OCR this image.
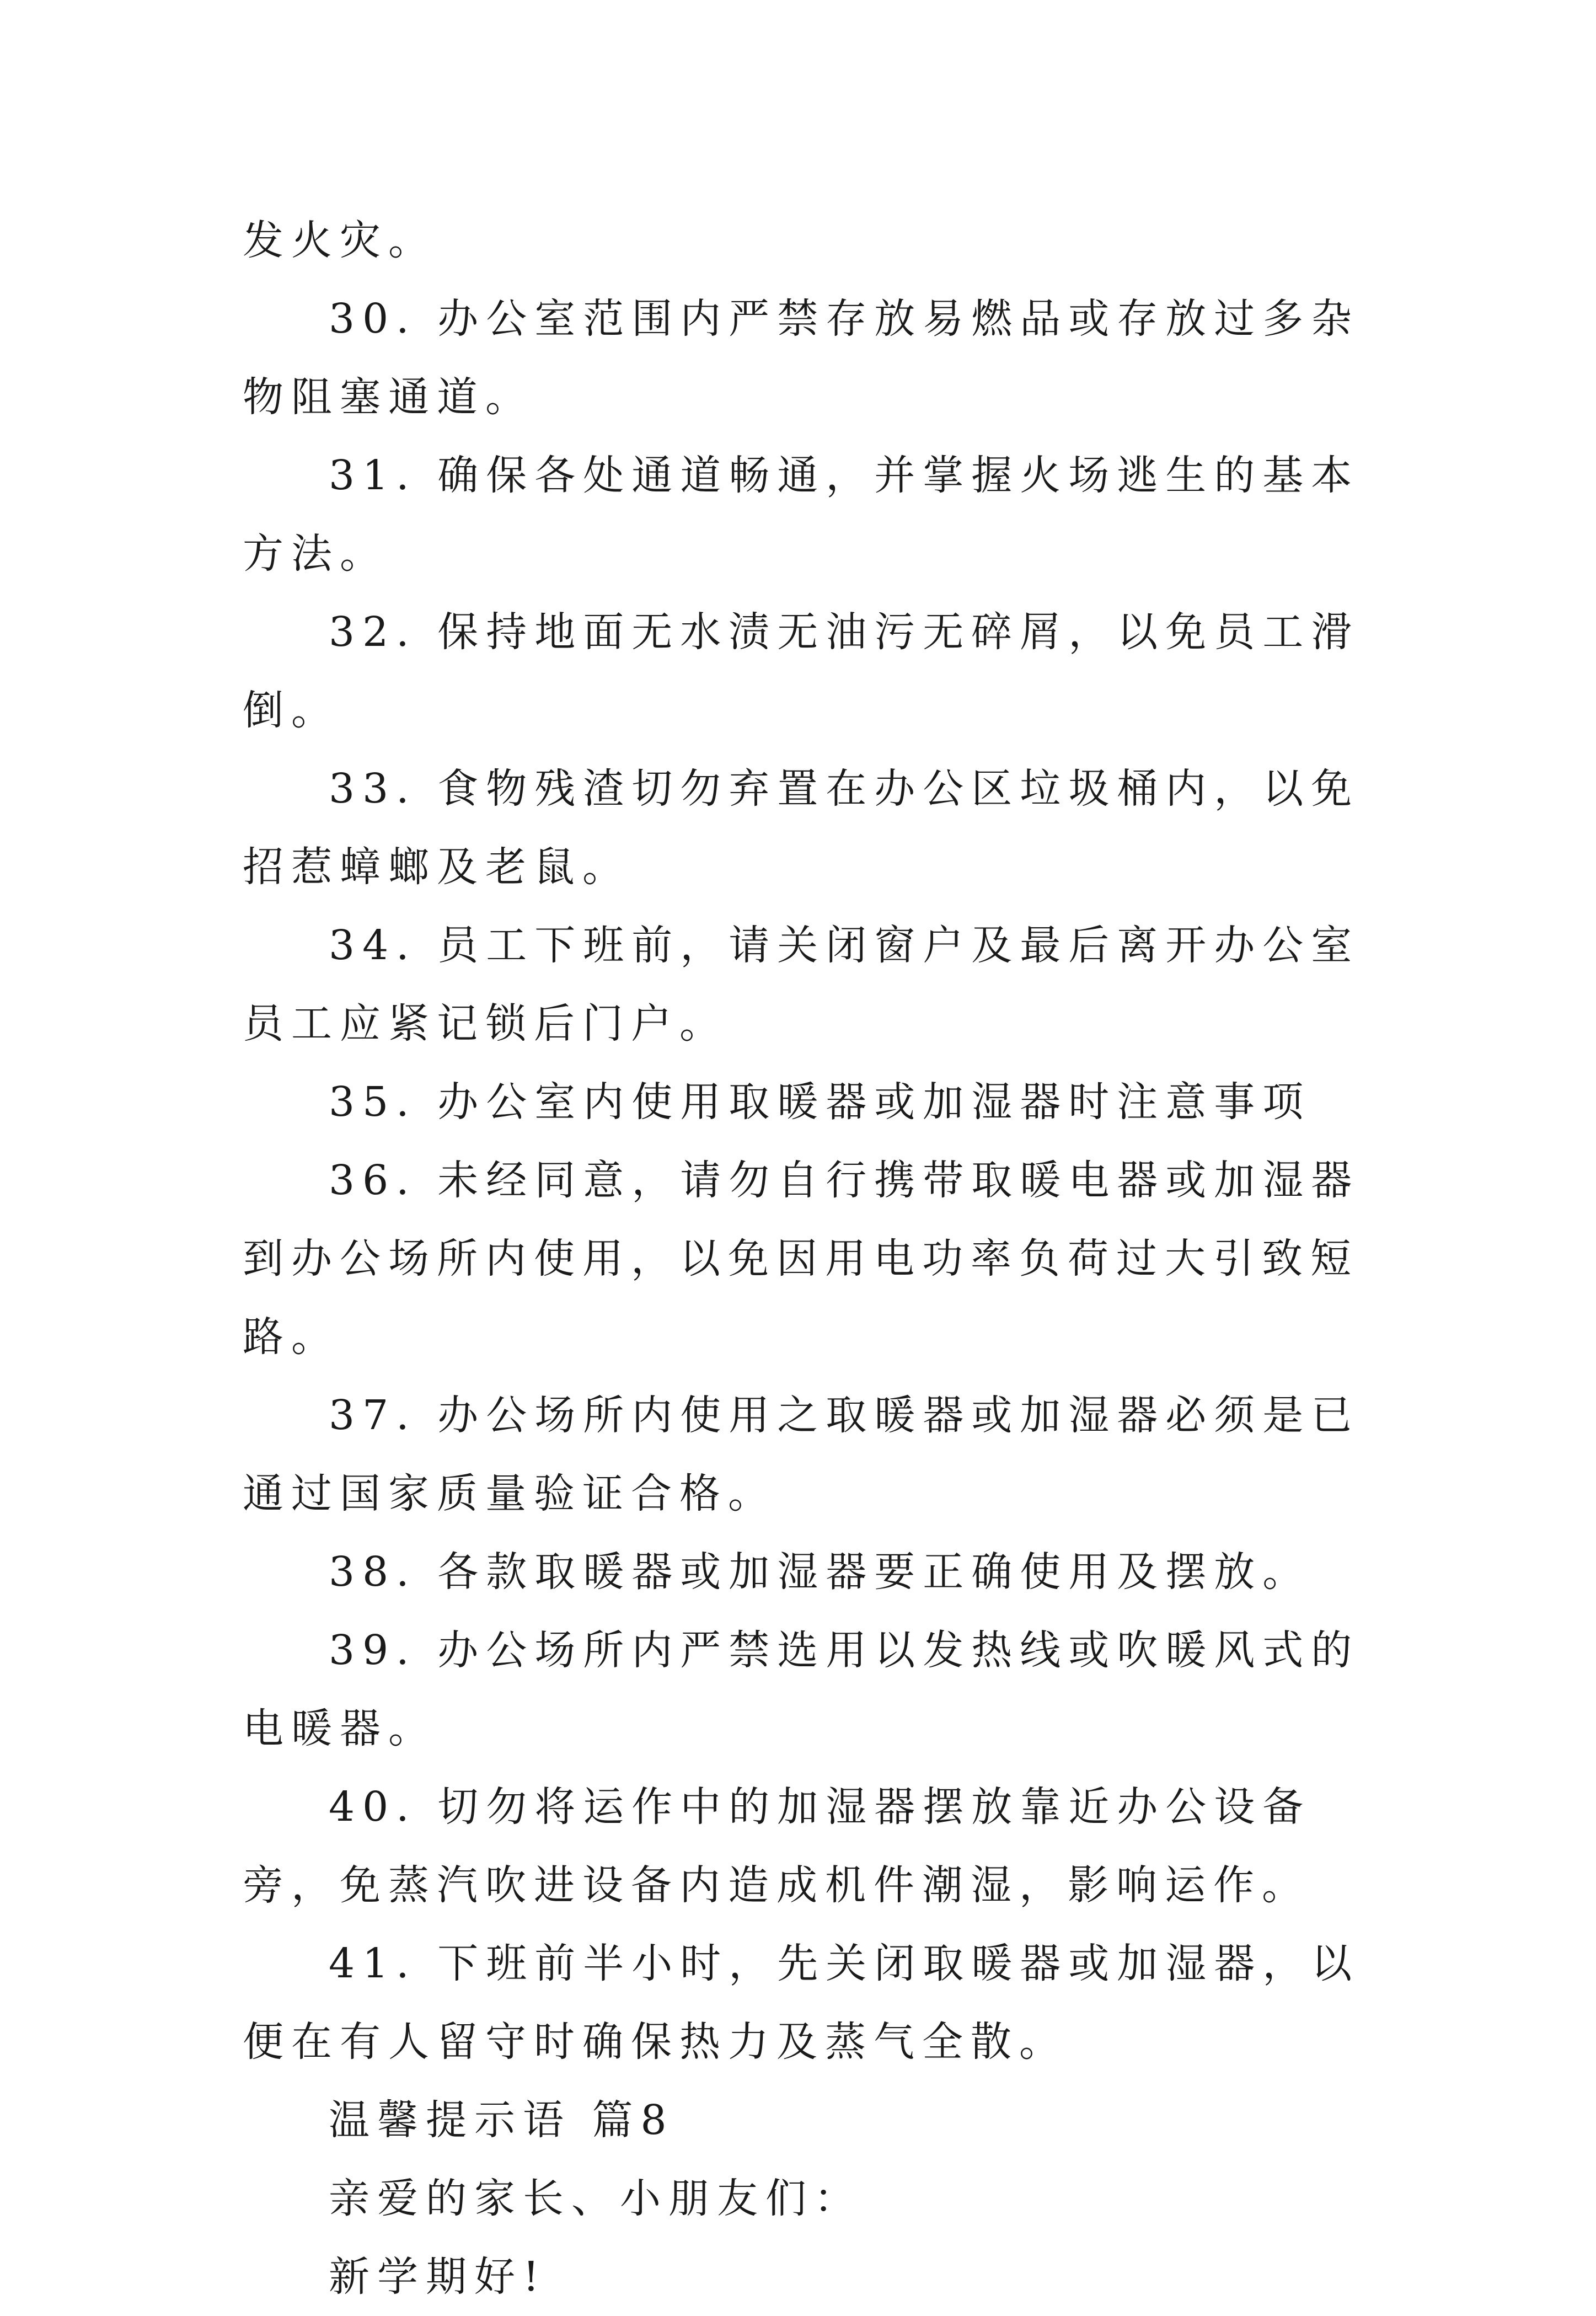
发火灾。

30. 办公室范围内严禁存放易燃品或存放过多杂物阻塞通道。

31. 确保各处通道畅通，并掌握火场逃生的基本方法。

32. 保持地面无水渍无油污无碎屑，以免员工滑倒。

33. 食物残渣切勿弃置在办公区垃圾桶内，以免招惹蟑螂及老鼠。

34. 员工下班前，请关闭窗户及最后离开办公室员工应紧记锁后门户。

35. 办公室内使用取暖器或加湿器时注意事项

36. 未经同意，请勿自行携带取暖电器或加湿器到办公场所内使用，以免因用电功率负荷过大引致短路。

37. 办公场所内使用之取暖器或加湿器必须是已通过国家质量验证合格。

38. 各款取暖器或加湿器要正确使用及摆放。

39. 办公场所内严禁选用以发热线或吹暖风式的电暖器。

40. 切勿将运作中的加湿器摆放靠近办公设备旁，免蒸汽吹进设备内造成机件潮湿，影响运作。

41. 下班前半小时，先关闭取暖器或加湿器，以便在有人留守时确保热力及蒸气全散。

温馨提示语 篇8

亲爱的家长、小朋友们：

新学期好!
